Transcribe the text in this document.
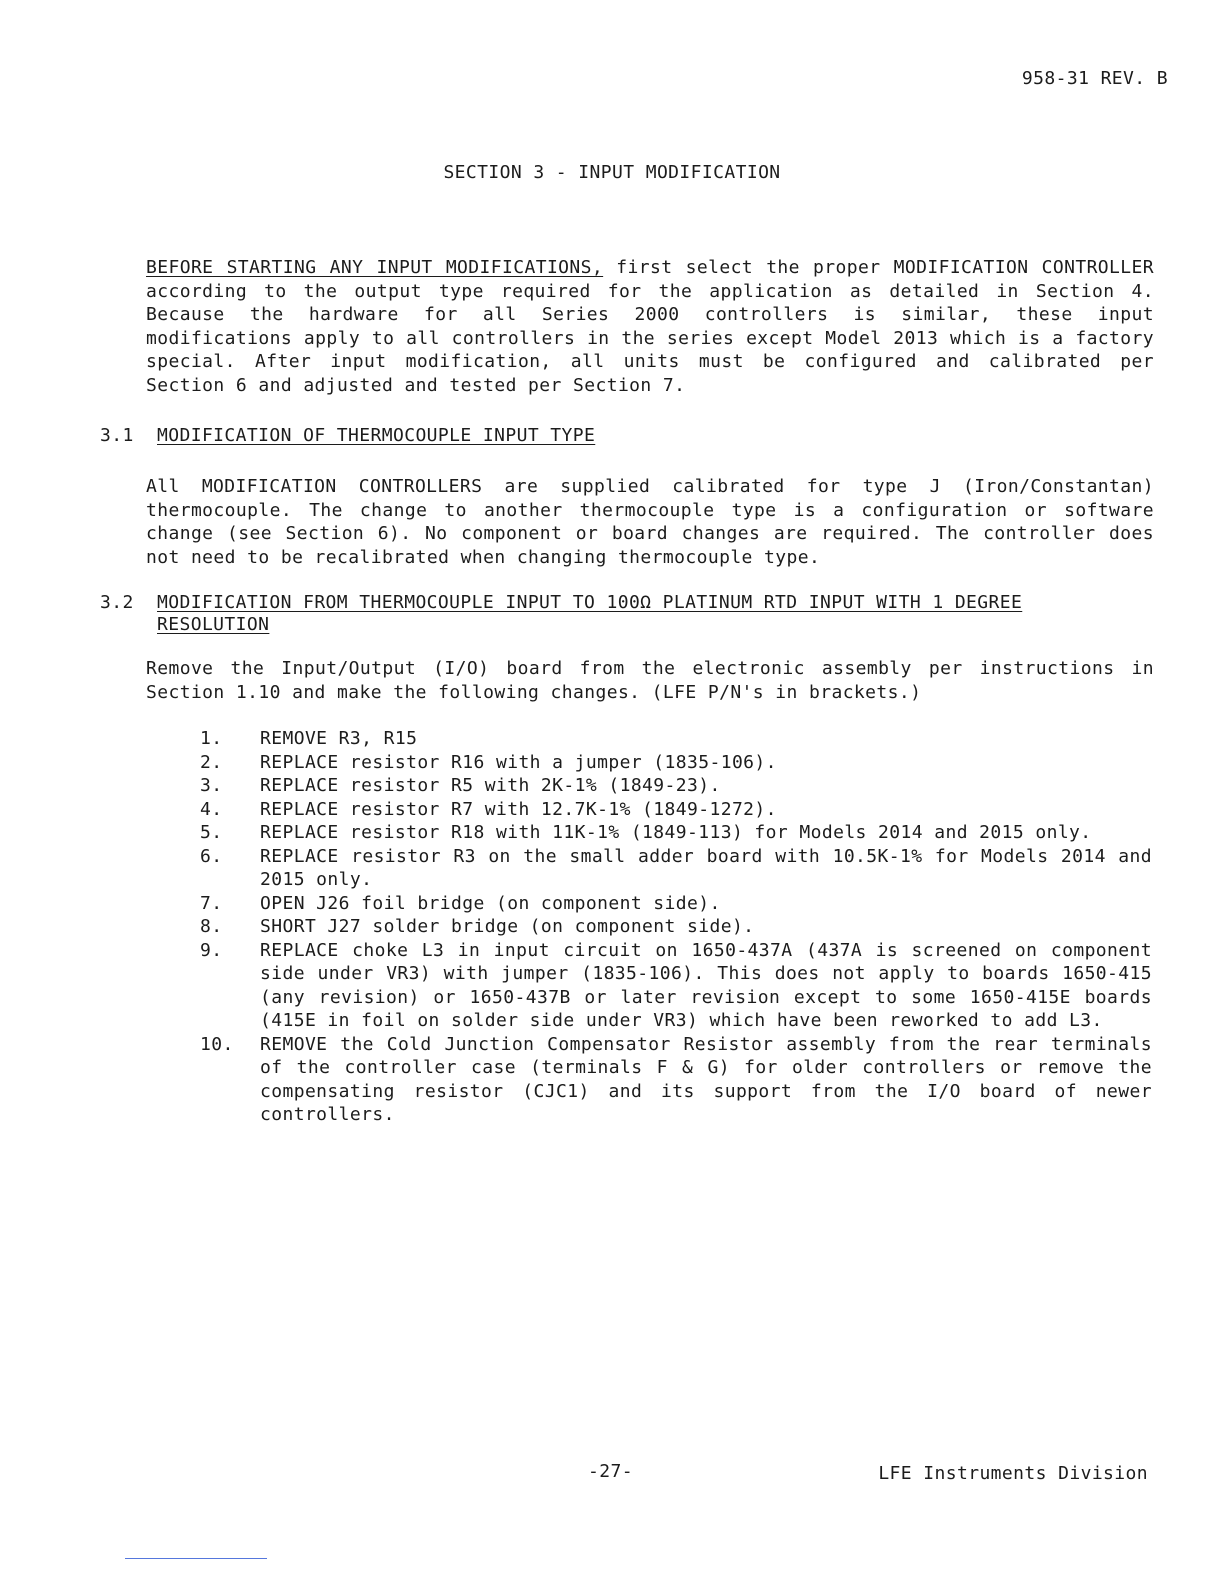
958-31 REV. B
SECTION 3 - INPUT MODIFICATION
BEFORE STARTING ANY INPUT MODIFICATIONS, first select the proper MODIFICATION CONTROLLER according to the output type required for the application as detailed in Section 4. Because the hardware for all Series 2000 controllers is similar, these input modifications apply to all controllers in the series except Model 2013 which is a factory special. After input modification, all units must be configured and calibrated per Section 6 and adjusted and tested per Section 7.
3.1 MODIFICATION OF THERMOCOUPLE INPUT TYPE
All MODIFICATION CONTROLLERS are supplied calibrated for type J (Iron/Constantan) thermocouple. The change to another thermocouple type is a configuration or software change (see Section 6). No component or board changes are required. The controller does not need to be recalibrated when changing thermocouple type.
3.2 MODIFICATION FROM THERMOCOUPLE INPUT TO 100Ω PLATINUM RTD INPUT WITH 1 DEGREE RESOLUTION
Remove the Input/Output (I/O) board from the electronic assembly per instructions in Section 1.10 and make the following changes. (LFE P/N's in brackets.)
1.	REMOVE R3, R15
2.	REPLACE resistor R16 with a jumper (1835-106).
3.	REPLACE resistor R5 with 2K-1% (1849-23).
4.	REPLACE resistor R7 with 12.7K-1% (1849-1272).
5.	REPLACE resistor R18 with 11K-1% (1849-113) for Models 2014 and 2015 only.
6.	REPLACE resistor R3 on the small adder board with 10.5K-1% for Models 2014 and 2015 only.
7.	OPEN J26 foil bridge (on component side).
8.	SHORT J27 solder bridge (on component side).
9.	REPLACE choke L3 in input circuit on 1650-437A (437A is screened on component side under VR3) with jumper (1835-106). This does not apply to boards 1650-415 (any revision) or 1650-437B or later revision except to some 1650-415E boards (415E in foil on solder side under VR3) which have been reworked to add L3.
10.	REMOVE the Cold Junction Compensator Resistor assembly from the rear terminals of the controller case (terminals F & G) for older controllers or remove the compensating resistor (CJC1) and its support from the I/O board of newer controllers.
-27-	LFE Instruments Division
